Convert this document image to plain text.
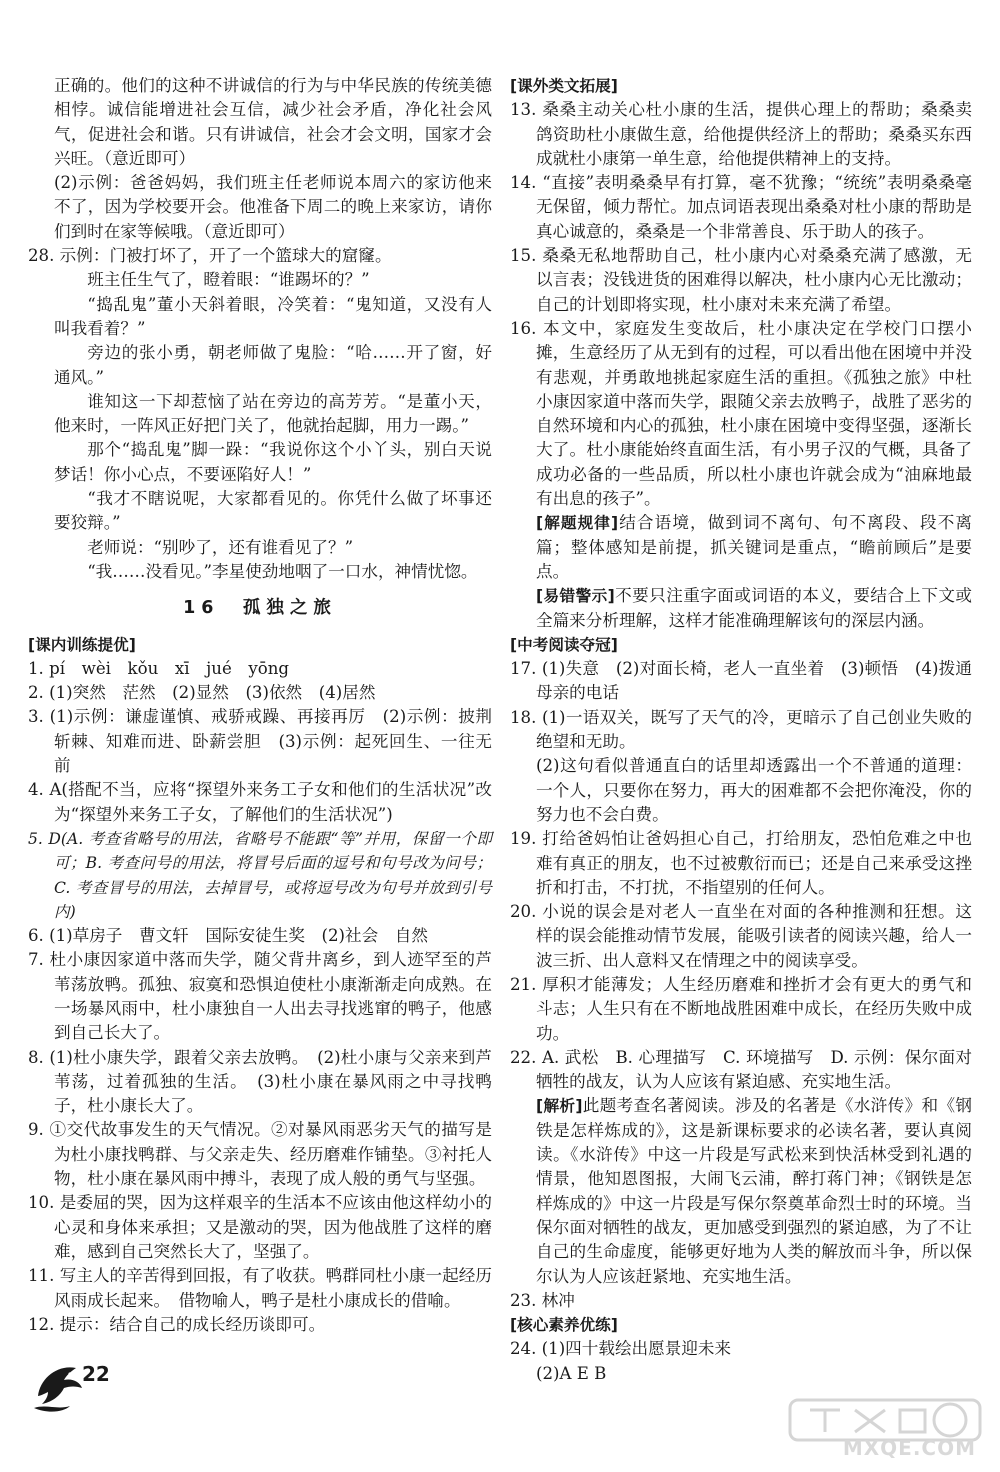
正确的。他们的这种不讲诚信的行为与中华民族的传统美德相悖。诚信能增进社会互信，减少社会矛盾，净化社会风气，促进社会和谐。只有讲诚信，社会才会文明，国家才会兴旺。（意近即可）

(2)示例：爸爸妈妈，我们班主任老师说本周六的家访他来不了，因为学校要开会。他准备下周二的晚上来家访，请你们到时在家等候哦。（意近即可）

28. 示例：门被打坏了，开了一个篮球大的窟窿。

班主任生气了，瞪着眼：“谁踢坏的？”

“捣乱鬼”董小天斜着眼，冷笑着：“鬼知道，又没有人叫我看着？”

旁边的张小勇，朝老师做了鬼脸：“哈……开了窗，好通风。”

谁知这一下却惹恼了站在旁边的高芳芳。“是董小天，他来时，一阵风正好把门关了，他就抬起脚，用力一踢。”

那个“捣乱鬼”脚一跺：“我说你这个小丫头，别白天说梦话！你小心点，不要诬陷好人！”

“我才不瞎说呢，大家都看见的。你凭什么做了坏事还要狡辩。”

老师说：“别吵了，还有谁看见了？”

“我……没看见。”李星使劲地咽了一口水，神情忧惚。

16　孤独之旅

[课内训练提优]

1. pí　wèi　kǒu　xī　jué　yōng

2. (1)突然　茫然　(2)显然　(3)依然　(4)居然

3. (1)示例：谦虚谨慎、戒骄戒躁、再接再厉　(2)示例：披荆斩棘、知难而进、卧薪尝胆　(3)示例：起死回生、一往无前

4. A(搭配不当，应将“探望外来务工子女和他们的生活状况”改为“探望外来务工子女，了解他们的生活状况”)

5. D(A. 考查省略号的用法，省略号不能跟“等”并用，保留一个即可；B. 考查问号的用法，将冒号后面的逗号和句号改为问号；C. 考查冒号的用法，去掉冒号，或将逗号改为句号并放到引号内)

6. (1)草房子　曹文轩　国际安徒生奖　(2)社会　自然

7. 杜小康因家道中落而失学，随父背井离乡，到人迹罕至的芦苇荡放鸭。孤独、寂寞和恐惧迫使杜小康渐渐走向成熟。在一场暴风雨中，杜小康独自一人出去寻找逃窜的鸭子，他感到自己长大了。

8. (1)杜小康失学，跟着父亲去放鸭。　(2)杜小康与父亲来到芦苇荡，过着孤独的生活。　(3)杜小康在暴风雨之中寻找鸭子，杜小康长大了。

9. ①交代故事发生的天气情况。②对暴风雨恶劣天气的描写是为杜小康找鸭群、与父亲走失、经历磨难作铺垫。③衬托人物，杜小康在暴风雨中搏斗，表现了成人般的勇气与坚强。

10. 是委屈的哭，因为这样艰辛的生活本不应该由他这样幼小的心灵和身体来承担；又是激动的哭，因为他战胜了这样的磨难，感到自己突然长大了，坚强了。

11. 写主人的辛苦得到回报，有了收获。鸭群同杜小康一起经历风雨成长起来。　借物喻人，鸭子是杜小康成长的借喻。

12. 提示：结合自己的成长经历谈即可。

[课外类文拓展]

13. 桑桑主动关心杜小康的生活，提供心理上的帮助；桑桑卖鸽资助杜小康做生意，给他提供经济上的帮助；桑桑买东西成就杜小康第一单生意，给他提供精神上的支持。

14. “直接”表明桑桑早有打算，毫不犹豫；“统统”表明桑桑毫无保留，倾力帮忙。加点词语表现出桑桑对杜小康的帮助是真心诚意的，桑桑是一个非常善良、乐于助人的孩子。

15. 桑桑无私地帮助自己，杜小康内心对桑桑充满了感激，无以言表；没钱进货的困难得以解决，杜小康内心无比激动；自己的计划即将实现，杜小康对未来充满了希望。

16. 本文中，家庭发生变故后，杜小康决定在学校门口摆小摊，生意经历了从无到有的过程，可以看出他在困境中并没有悲观，并勇敢地挑起家庭生活的重担。《孤独之旅》中杜小康因家道中落而失学，跟随父亲去放鸭子，战胜了恶劣的自然环境和内心的孤独，杜小康在困境中变得坚强，逐渐长大了。杜小康能始终直面生活，有小男子汉的气概，具备了成功必备的一些品质，所以杜小康也许就会成为“油麻地最有出息的孩子”。

[解题规律]结合语境，做到词不离句、句不离段、段不离篇；整体感知是前提，抓关键词是重点，“瞻前顾后”是要点。

[易错警示]不要只注重字面或词语的本义，要结合上下文或全篇来分析理解，这样才能准确理解该句的深层内涵。

[中考阅读夺冠]

17. (1)失意　(2)对面长椅，老人一直坐着　(3)顿悟　(4)拨通母亲的电话

18. (1)一语双关，既写了天气的冷，更暗示了自己创业失败的绝望和无助。

(2)这句看似普通直白的话里却透露出一个不普通的道理：一个人，只要你在努力，再大的困难都不会把你淹没，你的努力也不会白费。

19. 打给爸妈怕让爸妈担心自己，打给朋友，恐怕危难之中也难有真正的朋友，也不过被敷衍而已；还是自己来承受这挫折和打击，不打扰，不指望别的任何人。

20. 小说的误会是对老人一直坐在对面的各种推测和狂想。这样的误会能推动情节发展，能吸引读者的阅读兴趣，给人一波三折、出人意料又在情理之中的阅读享受。

21. 厚积才能薄发；人生经历磨难和挫折才会有更大的勇气和斗志；人生只有在不断地战胜困难中成长，在经历失败中成功。

22. A. 武松　B. 心理描写　C. 环境描写　D. 示例：保尔面对牺牲的战友，认为人应该有紧迫感、充实地生活。

[解析]此题考查名著阅读。涉及的名著是《水浒传》和《钢铁是怎样炼成的》，这是新课标要求的必读名著，要认真阅读。《水浒传》中这一片段是写武松来到快活林受到礼遇的情景，他知恩图报，大闹飞云浦，醉打蒋门神；《钢铁是怎样炼成的》中这一片段是写保尔祭奠革命烈士时的环境。当保尔面对牺牲的战友，更加感受到强烈的紧迫感，为了不让自己的生命虚度，能够更好地为人类的解放而斗争，所以保尔认为人应该赶紧地、充实地生活。

23. 林冲

[核心素养优练]

24. (1)四十载绘出愿景迎未来

(2)A E B

22
MXQE.COM
